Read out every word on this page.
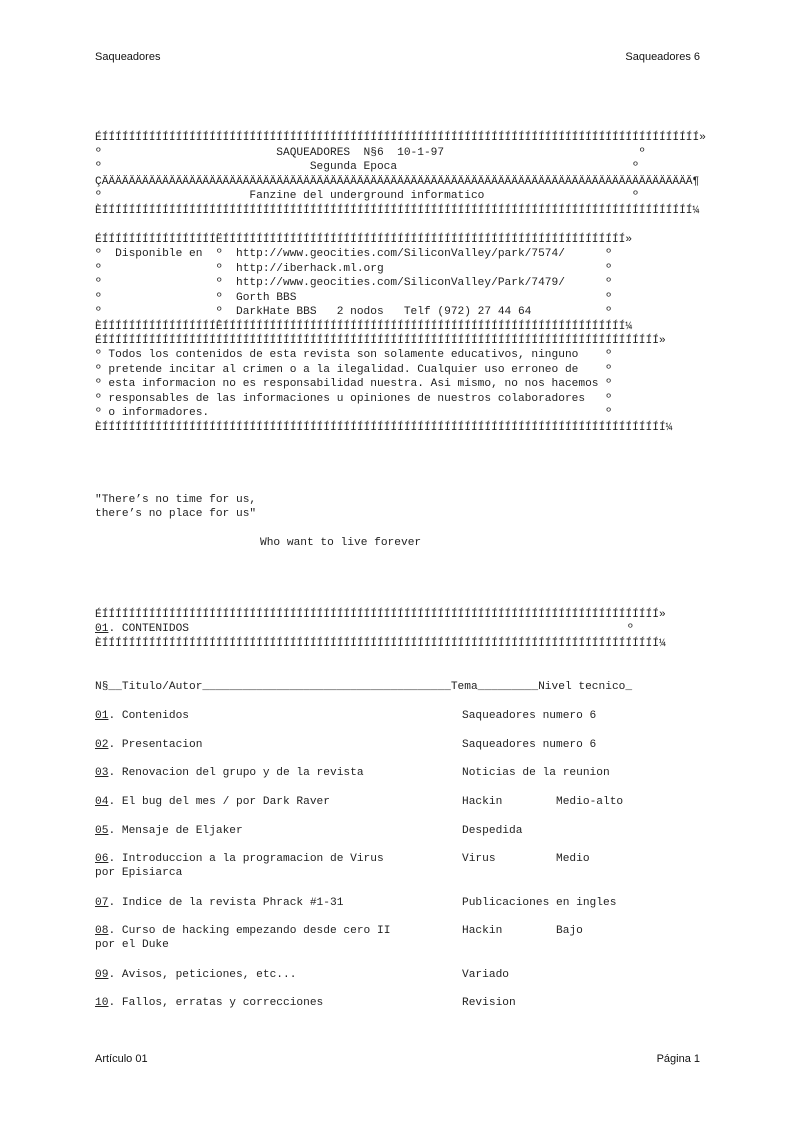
Saqueadores	Saqueadores 6
Artículo 01	Página 1
ÉÍÍÍÍÍÍÍÍÍÍÍÍÍÍÍÍÍÍÍÍÍÍÍÍÍÍÍÍÍÍÍÍÍÍÍÍÍÍÍÍÍÍÍÍÍÍÍÍÍÍÍÍÍÍÍÍÍÍÍÍÍÍÍÍÍÍÍÍÍÍÍÍÍÍÍÍÍÍÍÍÍÍÍÍÍÍÍÍÍ»
º                          SAQUEADORES  N§6  10-1-97                             º
º                               Segunda Epoca                                   º
ÇÄÄÄÄÄÄÄÄÄÄÄÄÄÄÄÄÄÄÄÄÄÄÄÄÄÄÄÄÄÄÄÄÄÄÄÄÄÄÄÄÄÄÄÄÄÄÄÄÄÄÄÄÄÄÄÄÄÄÄÄÄÄÄÄÄÄÄÄÄÄÄÄÄÄÄÄÄÄÄÄÄÄÄÄÄÄÄÄ¶
º                      Fanzine del underground informatico                      º
ÈÍÍÍÍÍÍÍÍÍÍÍÍÍÍÍÍÍÍÍÍÍÍÍÍÍÍÍÍÍÍÍÍÍÍÍÍÍÍÍÍÍÍÍÍÍÍÍÍÍÍÍÍÍÍÍÍÍÍÍÍÍÍÍÍÍÍÍÍÍÍÍÍÍÍÍÍÍÍÍÍÍÍÍÍÍÍÍÍ¼
ÉÍÍÍÍÍÍÍÍÍÍÍÍÍÍÍÍÍËÍÍÍÍÍÍÍÍÍÍÍÍÍÍÍÍÍÍÍÍÍÍÍÍÍÍÍÍÍÍÍÍÍÍÍÍÍÍÍÍÍÍÍÍÍÍÍÍÍÍÍÍÍÍÍÍÍÍÍÍ»
º  Disponible en  º  http://www.geocities.com/SiliconValley/park/7574/      º
º                 º  http://iberhack.ml.org                                 º
º                 º  http://www.geocities.com/SiliconValley/Park/7479/      º
º                 º  Gorth BBS                                              º
º                 º  DarkHate BBS   2 nodos   Telf (972) 27 44 64           º
ÈÍÍÍÍÍÍÍÍÍÍÍÍÍÍÍÍÍÊÍÍÍÍÍÍÍÍÍÍÍÍÍÍÍÍÍÍÍÍÍÍÍÍÍÍÍÍÍÍÍÍÍÍÍÍÍÍÍÍÍÍÍÍÍÍÍÍÍÍÍÍÍÍÍÍÍÍÍÍ¼
ÉÍÍÍÍÍÍÍÍÍÍÍÍÍÍÍÍÍÍÍÍÍÍÍÍÍÍÍÍÍÍÍÍÍÍÍÍÍÍÍÍÍÍÍÍÍÍÍÍÍÍÍÍÍÍÍÍÍÍÍÍÍÍÍÍÍÍÍÍÍÍÍÍÍÍÍÍÍÍÍÍÍÍÍ»
º Todos los contenidos de esta revista son solamente educativos, ninguno    º
º pretende incitar al crimen o a la ilegalidad. Cualquier uso erroneo de    º
º esta informacion no es responsabilidad nuestra. Asi mismo, no nos hacemos º
º responsables de las informaciones u opiniones de nuestros colaboradores   º
º o informadores.                                                           º
ÈÍÍÍÍÍÍÍÍÍÍÍÍÍÍÍÍÍÍÍÍÍÍÍÍÍÍÍÍÍÍÍÍÍÍÍÍÍÍÍÍÍÍÍÍÍÍÍÍÍÍÍÍÍÍÍÍÍÍÍÍÍÍÍÍÍÍÍÍÍÍÍÍÍÍÍÍÍÍÍÍÍÍÍÍ¼
"There’s no time for us,
there’s no place for us"
Who want to live forever
ÉÍÍÍÍÍÍÍÍÍÍÍÍÍÍÍÍÍÍÍÍÍÍÍÍÍÍÍÍÍÍÍÍÍÍÍÍÍÍÍÍÍÍÍÍÍÍÍÍÍÍÍÍÍÍÍÍÍÍÍÍÍÍÍÍÍÍÍÍÍÍÍÍÍÍÍÍÍÍÍÍÍÍÍ»
01. CONTENIDOS	º
ÈÍÍÍÍÍÍÍÍÍÍÍÍÍÍÍÍÍÍÍÍÍÍÍÍÍÍÍÍÍÍÍÍÍÍÍÍÍÍÍÍÍÍÍÍÍÍÍÍÍÍÍÍÍÍÍÍÍÍÍÍÍÍÍÍÍÍÍÍÍÍÍÍÍÍÍÍÍÍÍÍÍÍÍ¼
N§__Titulo/Autor_____________________________________Tema_________Nivel tecnico_
01. Contenidos	Saqueadores numero 6
02. Presentacion	Saqueadores numero 6
03. Renovacion del grupo y de la revista	Noticias de la reunion
04. El bug del mes / por Dark Raver	Hackin	Medio-alto
05. Mensaje de Eljaker	Despedida
06. Introduccion a la programacion de Virus
por Episiarca
Virus	Medio
07. Indice de la revista Phrack #1-31	Publicaciones en ingles
08. Curso de hacking empezando desde cero II
por el Duke
Hackin	Bajo
09. Avisos, peticiones, etc...	Variado
10. Fallos, erratas y correcciones	Revision
